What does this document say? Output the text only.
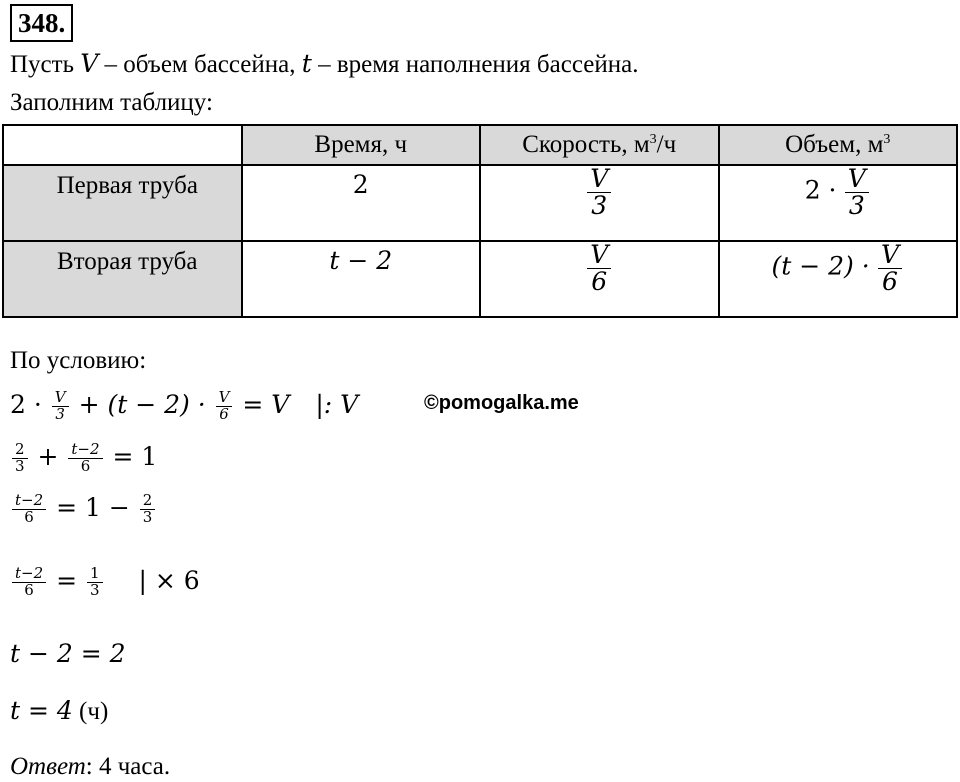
348.
Пусть V – объем бассейна, t – время наполнения бассейна.
Заполним таблицу:
	Время, ч	Скорость, $м^3/ч$	Объем, $м^3$
Первая труба	2	$\frac{V}{3}$	$2 \cdot \frac{V}{3}$

Вторая труба	t − 2	$\frac{V}{6}$	$(t - 2) \cdot \frac{V}{6}$
По условию:
$2 \cdot \frac{V}{3} + (t - 2) \cdot \frac{V}{6} = V$ |: V	©pomogalka.me
$\frac{2}{3} + \frac{t-2}{6} = 1$
$\frac{t-2}{6} = 1 - \frac{2}{3}$
$\frac{t-2}{6} = \frac{1}{3}$ | × 6
t − 2 = 2
t = 4 (ч)
Ответ: 4 часа.
